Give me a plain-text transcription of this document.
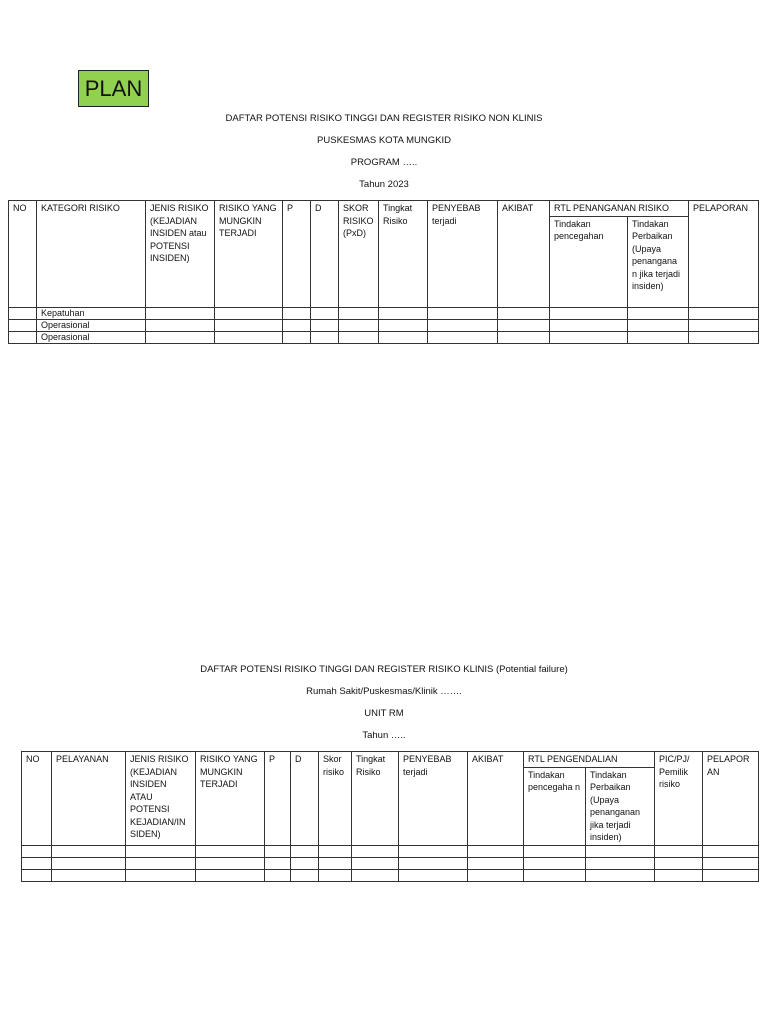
PLAN
DAFTAR POTENSI RISIKO TINGGI DAN REGISTER RISIKO NON KLINIS
PUSKESMAS KOTA MUNGKID
PROGRAM …..
Tahun 2023
NO	KATEGORI RISIKO	JENIS RISIKO (KEJADIAN INSIDEN atau POTENSI INSIDEN)	RISIKO YANG MUNGKIN TERJADI	P	D	SKOR RISIKO (PxD)	Tingkat Risiko	PENYEBAB terjadi	AKIBAT	RTL PENANGANAN RISIKO		PELAPORAN
										Tindakan pencegahan	Tindakan Perbaikan (Upaya penangana n jika terjadi insiden)	
	Kepatuhan											
	Operasional											
	Operasional											
DAFTAR POTENSI RISIKO TINGGI DAN REGISTER RISIKO KLINIS (Potential failure)
Rumah Sakit/Puskesmas/Klinik …….
UNIT RM
Tahun …..
NO	PELAYANAN	JENIS RISIKO (KEJADIAN INSIDEN ATAU POTENSI KEJADIAN/IN SIDEN)	RISIKO YANG MUNGKIN TERJADI	P	D	Skor risiko	Tingkat Risiko	PENYEBAB terjadi	AKIBAT	RTL PENGENDALIAN		PIC/PJ/ Pemilik risiko	PELAPOR AN
										Tindakan pencegaha n	Tindakan Perbaikan (Upaya penanganan jika terjadi insiden)		
